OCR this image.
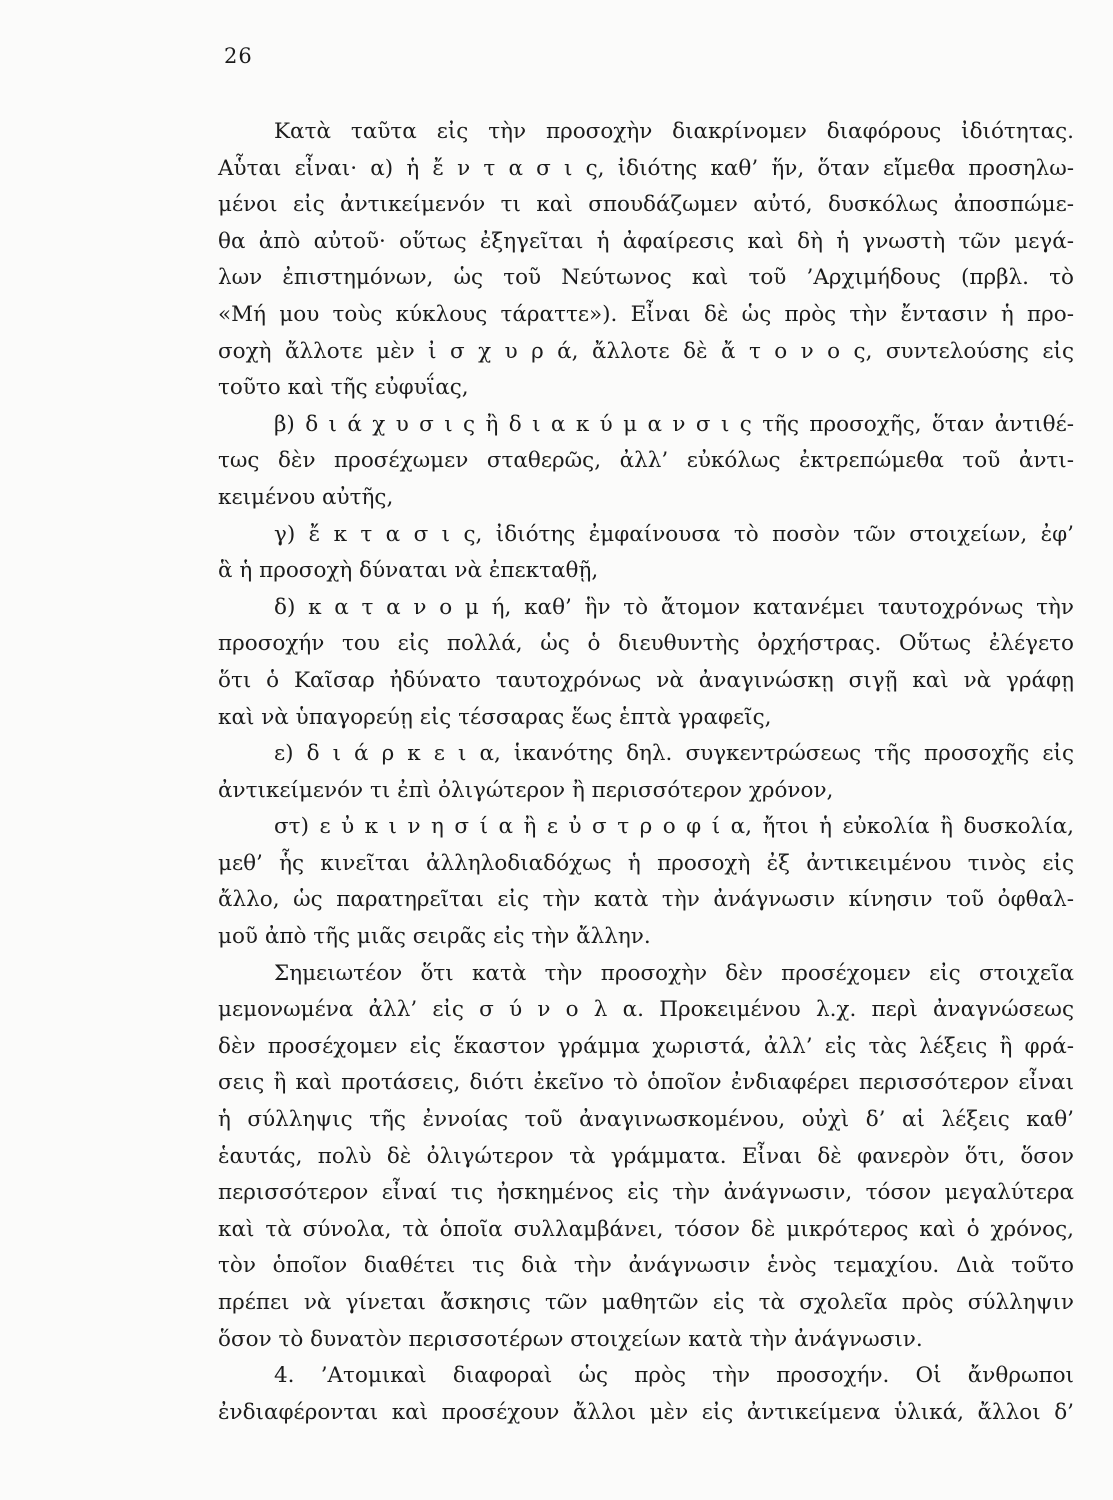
26
Κατὰ ταῦτα εἰς τὴν προσοχὴν διακρίνομεν διαφόρους ἰδιότητας.
Αὗται εἶναι· α) ἡ ἔ ν τ α σ ι ς, ἰδιότης καθ’ ἥν, ὅταν εἴμεθα προσηλω-
μένοι εἰς ἀντικείμενόν τι καὶ σπουδάζωμεν αὐτό, δυσκόλως ἀποσπώμε-
θα ἀπὸ αὐτοῦ· οὕτως ἐξηγεῖται ἡ ἀφαίρεσις καὶ δὴ ἡ γνωστὴ τῶν μεγά-
λων ἐπιστημόνων, ὡς τοῦ Νεύτωνος καὶ τοῦ ’Αρχιμήδους (πρβλ. τὸ
«Μή μου τοὺς κύκλους τάραττε»). Εἶναι δὲ ὡς πρὸς τὴν ἔντασιν ἡ προ-
σοχὴ ἄλλοτε μὲν ἰ σ χ υ ρ ά, ἄλλοτε δὲ ἄ τ ο ν ο ς, συντελούσης εἰς
τοῦτο καὶ τῆς εὐφυΐας,
β) δ ι ά χ υ σ ι ς ἢ δ ι α κ ύ μ α ν σ ι ς τῆς προσοχῆς, ὅταν ἀντιθέ-
τως δὲν προσέχωμεν σταθερῶς, ἀλλ’ εὐκόλως ἐκτρεπώμεθα τοῦ ἀντι-
κειμένου αὐτῆς,
γ) ἔ κ τ α σ ι ς, ἰδιότης ἐμφαίνουσα τὸ ποσὸν τῶν στοιχείων, ἐφ’
ἃ ἡ προσοχὴ δύναται νὰ ἐπεκταθῇ,
δ) κ α τ α ν ο μ ή, καθ’ ἣν τὸ ἄτομον κατανέμει ταυτοχρόνως τὴν
προσοχήν του εἰς πολλά, ὡς ὁ διευθυντὴς ὀρχήστρας. Οὕτως ἐλέγετο
ὅτι ὁ Καῖσαρ ἠδύνατο ταυτοχρόνως νὰ ἀναγινώσκῃ σιγῇ καὶ νὰ γράφῃ
καὶ νὰ ὑπαγορεύῃ εἰς τέσσαρας ἕως ἑπτὰ γραφεῖς,
ε) δ ι ά ρ κ ε ι α, ἱκανότης δηλ. συγκεντρώσεως τῆς προσοχῆς εἰς
ἀντικείμενόν τι ἐπὶ ὀλιγώτερον ἢ περισσότερον χρόνον,
στ) ε ὐ κ ι ν η σ ί α ἢ ε ὐ σ τ ρ ο φ ί α, ἤτοι ἡ εὐκολία ἢ δυσκολία,
μεθ’ ἧς κινεῖται ἀλληλοδιαδόχως ἡ προσοχὴ ἐξ ἀντικειμένου τινὸς εἰς
ἄλλο, ὡς παρατηρεῖται εἰς τὴν κατὰ τὴν ἀνάγνωσιν κίνησιν τοῦ ὀφθαλ-
μοῦ ἀπὸ τῆς μιᾶς σειρᾶς εἰς τὴν ἄλλην.
Σημειωτέον ὅτι κατὰ τὴν προσοχὴν δὲν προσέχομεν εἰς στοιχεῖα
μεμονωμένα ἀλλ’ εἰς σ ύ ν ο λ α. Προκειμένου λ.χ. περὶ ἀναγνώσεως
δὲν προσέχομεν εἰς ἕκαστον γράμμα χωριστά, ἀλλ’ εἰς τὰς λέξεις ἢ φρά-
σεις ἢ καὶ προτάσεις, διότι ἐκεῖνο τὸ ὁποῖον ἐνδιαφέρει περισσότερον εἶναι
ἡ σύλληψις τῆς ἐννοίας τοῦ ἀναγινωσκομένου, οὐχὶ δ’ αἱ λέξεις καθ’
ἑαυτάς, πολὺ δὲ ὀλιγώτερον τὰ γράμματα. Εἶναι δὲ φανερὸν ὅτι, ὅσον
περισσότερον εἶναί τις ἠσκημένος εἰς τὴν ἀνάγνωσιν, τόσον μεγαλύτερα
καὶ τὰ σύνολα, τὰ ὁποῖα συλλαμβάνει, τόσον δὲ μικρότερος καὶ ὁ χρόνος,
τὸν ὁποῖον διαθέτει τις διὰ τὴν ἀνάγνωσιν ἑνὸς τεμαχίου. Διὰ τοῦτο
πρέπει νὰ γίνεται ἄσκησις τῶν μαθητῶν εἰς τὰ σχολεῖα πρὸς σύλληψιν
ὅσον τὸ δυνατὸν περισσοτέρων στοιχείων κατὰ τὴν ἀνάγνωσιν.
4. ’Ατομικαὶ διαφοραὶ ὡς πρὸς τὴν προσοχήν. Οἱ ἄνθρωποι
ἐνδιαφέρονται καὶ προσέχουν ἄλλοι μὲν εἰς ἀντικείμενα ὑλικά, ἄλλοι δ’
